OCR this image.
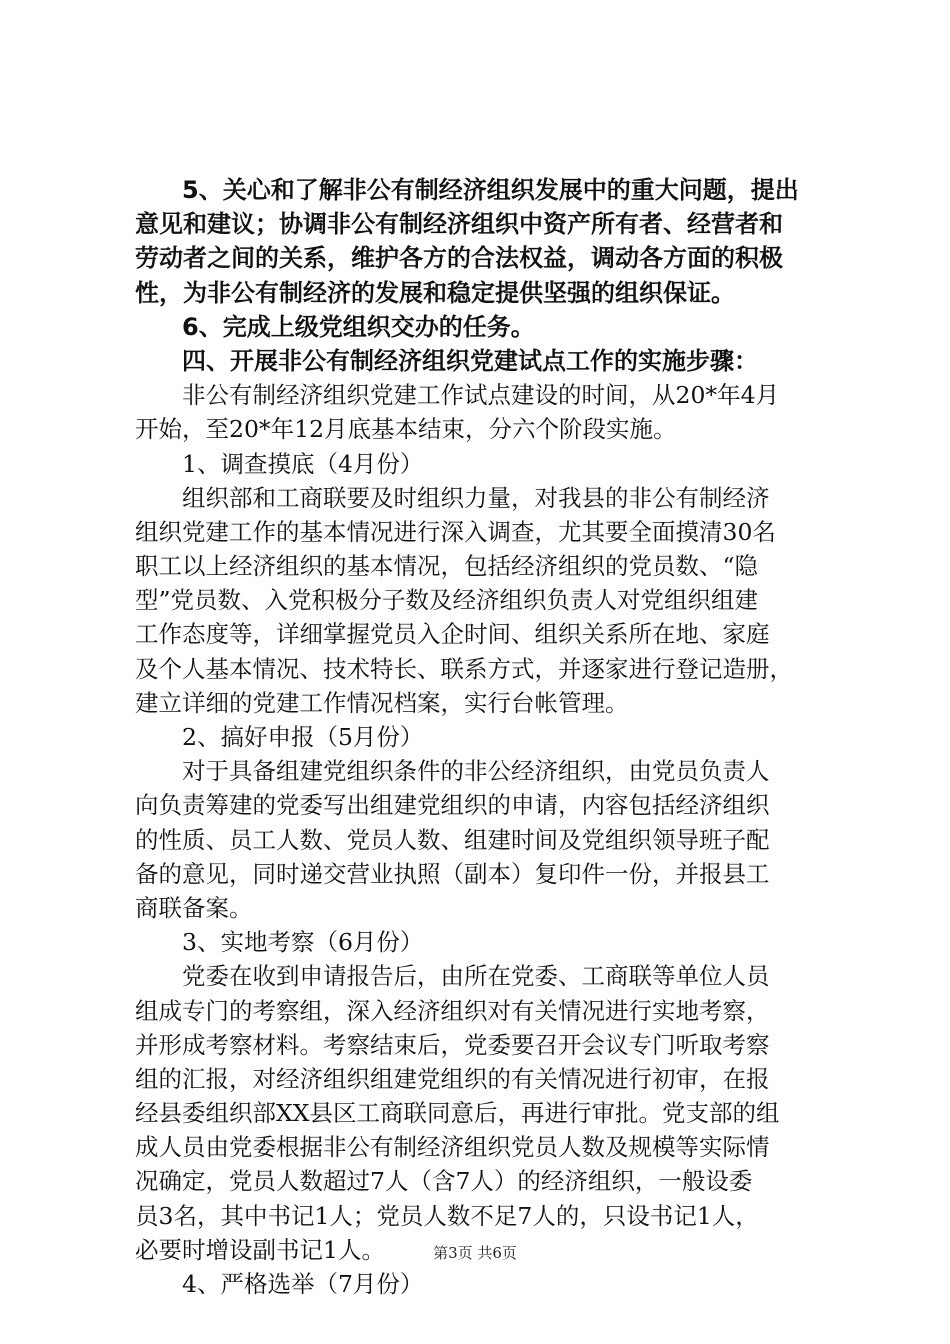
5、关心和了解非公有制经济组织发展中的重大问题，提出
意见和建议；协调非公有制经济组织中资产所有者、经营者和
劳动者之间的关系，维护各方的合法权益，调动各方面的积极
性，为非公有制经济的发展和稳定提供坚强的组织保证。
6、完成上级党组织交办的任务。
四、开展非公有制经济组织党建试点工作的实施步骤：
非公有制经济组织党建工作试点建设的时间，从20*年4月
开始，至20*年12月底基本结束，分六个阶段实施。
1、调查摸底（4月份）
组织部和工商联要及时组织力量，对我县的非公有制经济
组织党建工作的基本情况进行深入调查，尤其要全面摸清30名
职工以上经济组织的基本情况，包括经济组织的党员数、“隐
型”党员数、入党积极分子数及经济组织负责人对党组织组建
工作态度等，详细掌握党员入企时间、组织关系所在地、家庭
及个人基本情况、技术特长、联系方式，并逐家进行登记造册，
建立详细的党建工作情况档案，实行台帐管理。
2、搞好申报（5月份）
对于具备组建党组织条件的非公经济组织，由党员负责人
向负责筹建的党委写出组建党组织的申请，内容包括经济组织
的性质、员工人数、党员人数、组建时间及党组织领导班子配
备的意见，同时递交营业执照（副本）复印件一份，并报县工
商联备案。
3、实地考察（6月份）
党委在收到申请报告后，由所在党委、工商联等单位人员
组成专门的考察组，深入经济组织对有关情况进行实地考察，
并形成考察材料。考察结束后，党委要召开会议专门听取考察
组的汇报，对经济组织组建党组织的有关情况进行初审，在报
经县委组织部XX县区工商联同意后，再进行审批。党支部的组
成人员由党委根据非公有制经济组织党员人数及规模等实际情
况确定，党员人数超过7人（含7人）的经济组织，一般设委
员3名，其中书记1人；党员人数不足7人的，只设书记1人，
必要时增设副书记1人。
4、严格选举（7月份）
第3页 共6页
